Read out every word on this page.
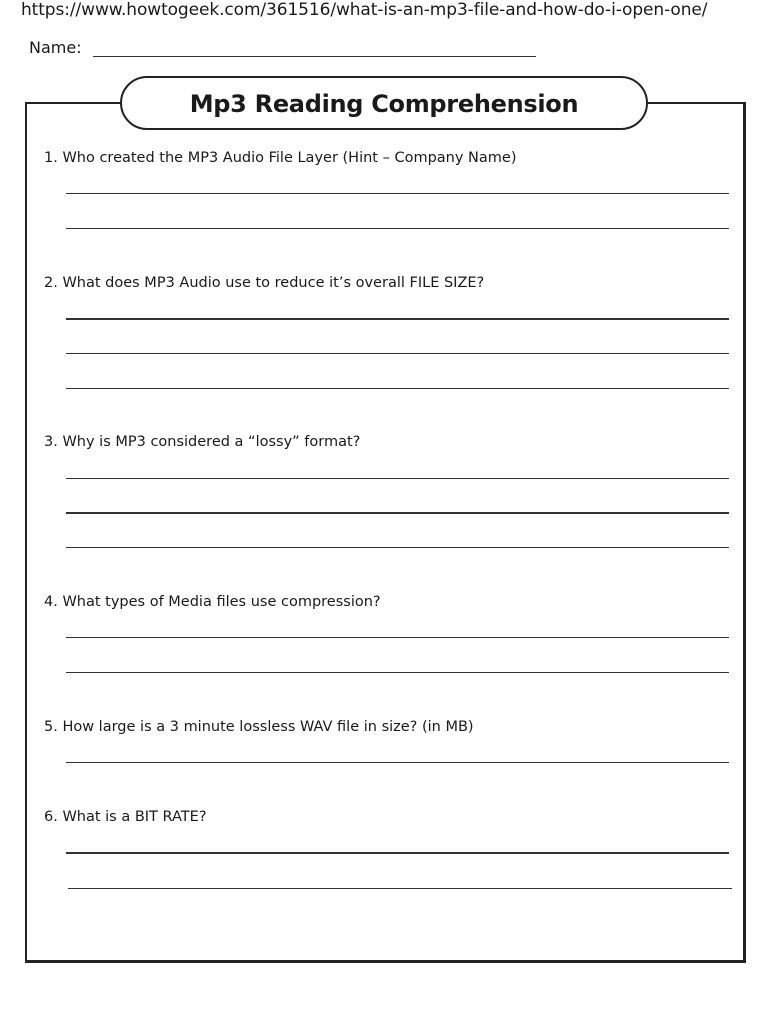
https://www.howtogeek.com/361516/what-is-an-mp3-file-and-how-do-i-open-one/
Name:
Mp3 Reading Comprehension
1. Who created the MP3 Audio File Layer (Hint – Company Name)
2. What does MP3 Audio use to reduce it’s overall FILE SIZE?
3. Why is MP3 considered a “lossy” format?
4. What types of Media files use compression?
5. How large is a 3 minute lossless WAV file in size? (in MB)
6. What is a BIT RATE?
